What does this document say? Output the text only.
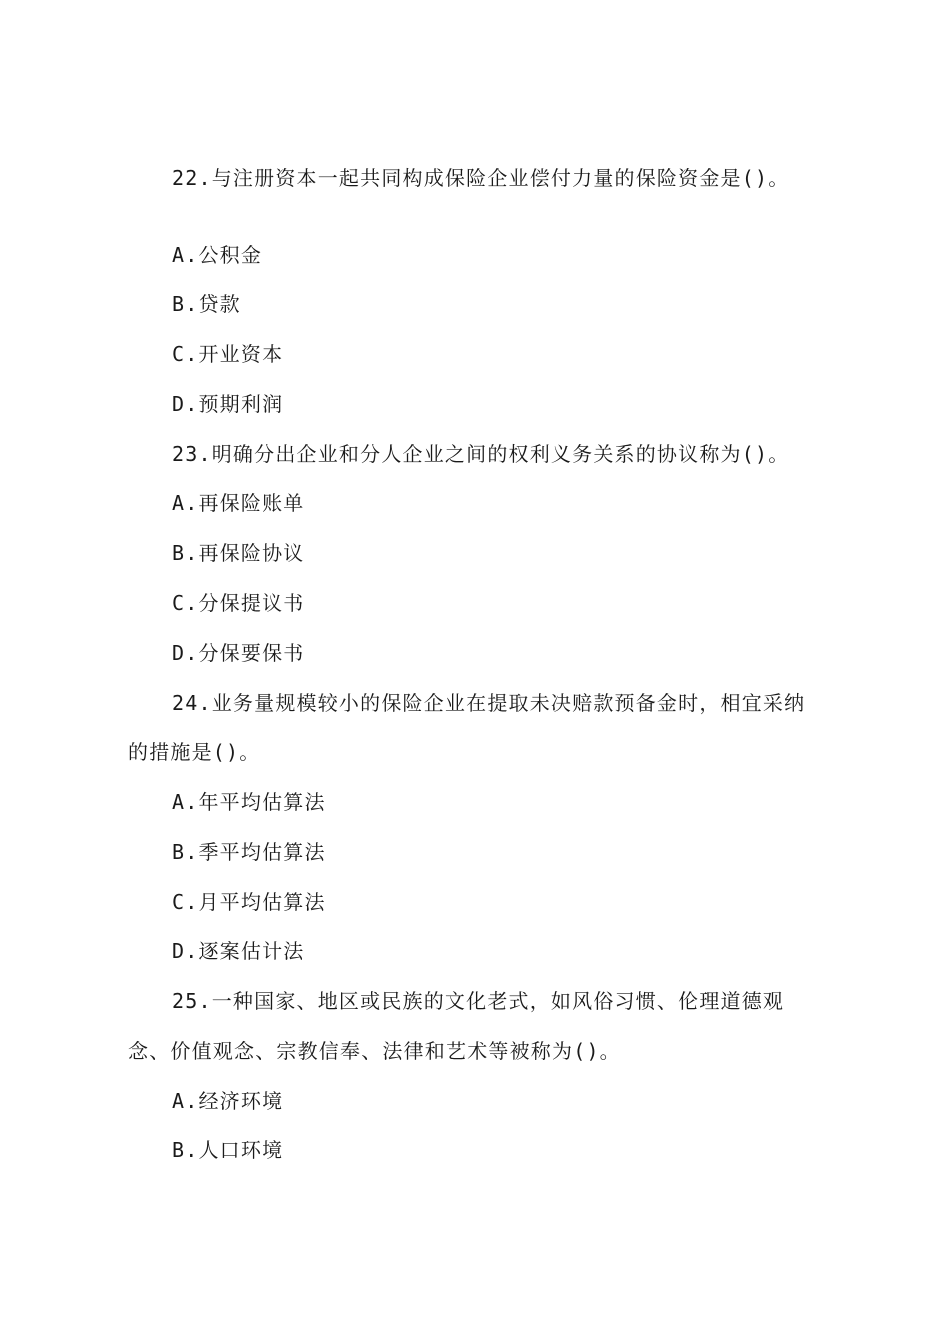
22.与注册资本一起共同构成保险企业偿付力量的保险资金是()。
A.公积金
B.贷款
C.开业资本
D.预期利润
23.明确分出企业和分人企业之间的权利义务关系的协议称为()。
A.再保险账单
B.再保险协议
C.分保提议书
D.分保要保书
24.业务量规模较小的保险企业在提取未决赔款预备金时，相宜采纳
的措施是()。
A.年平均估算法
B.季平均估算法
C.月平均估算法
D.逐案估计法
25.一种国家、地区或民族的文化老式，如风俗习惯、伦理道德观
念、价值观念、宗教信奉、法律和艺术等被称为()。
A.经济环境
B.人口环境
